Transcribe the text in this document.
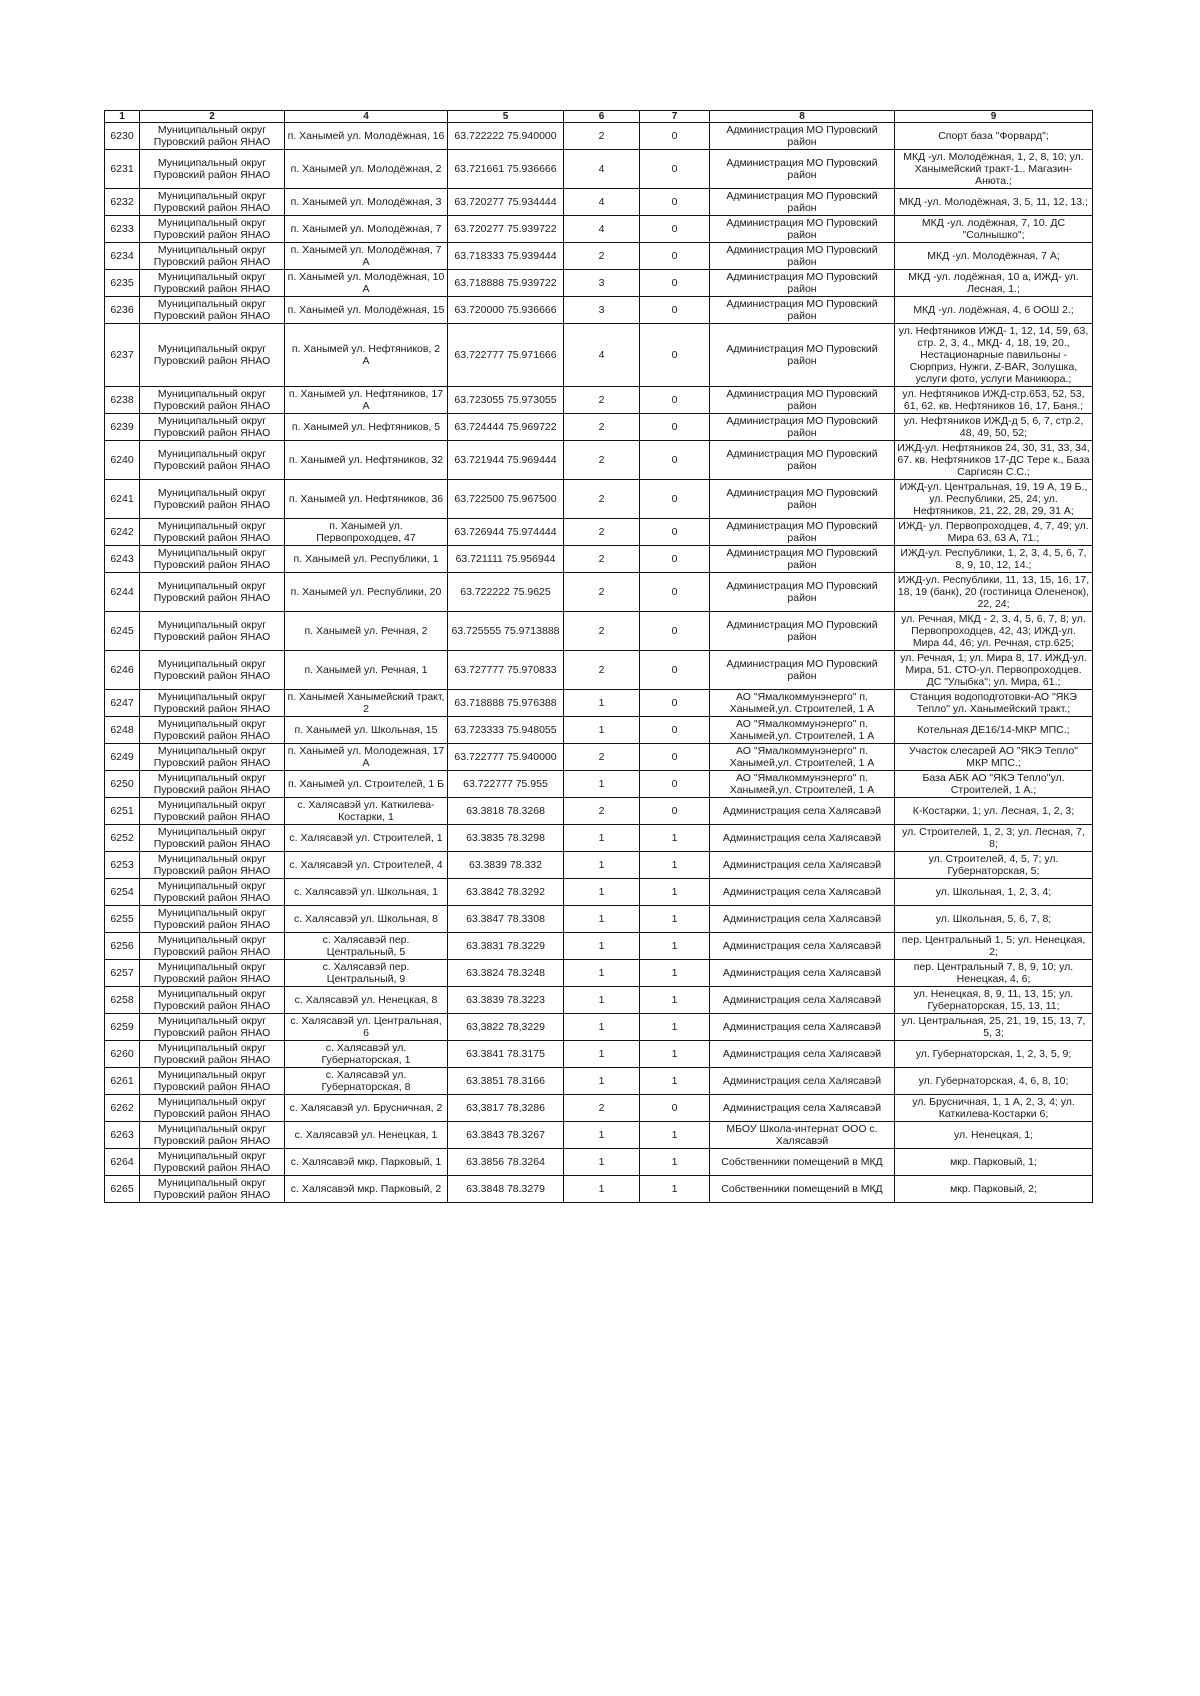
1	2	4	5	6	7	8	9
6230	Муниципальный округ Пуровский район ЯНАО	п. Ханымей ул. Молодёжная, 16	63.722222 75.940000	2	0	Администрация МО Пуровский район	Спорт база "Форвард";
6231	Муниципальный округ Пуровский район ЯНАО	п. Ханымей ул. Молодёжная, 2	63.721661 75.936666	4	0	Администрация МО Пуровский район	МКД -ул. Молодёжная, 1, 2, 8, 10; ул. Ханымейский тракт-1.. Магазин-Анюта.;
6232	Муниципальный округ Пуровский район ЯНАО	п. Ханымей ул. Молодёжная, 3	63.720277 75.934444	4	0	Администрация МО Пуровский район	МКД -ул. Молодёжная, 3, 5, 11, 12, 13.;
6233	Муниципальный округ Пуровский район ЯНАО	п. Ханымей ул. Молодёжная, 7	63.720277 75.939722	4	0	Администрация МО Пуровский район	МКД -ул. лодёжная, 7, 10. ДС "Солнышко";
6234	Муниципальный округ Пуровский район ЯНАО	п. Ханымей ул. Молодёжная, 7 А	63.718333 75.939444	2	0	Администрация МО Пуровский район	МКД -ул. Молодёжная, 7 А;
6235	Муниципальный округ Пуровский район ЯНАО	п. Ханымей ул. Молодёжная, 10 А	63.718888 75.939722	3	0	Администрация МО Пуровский район	МКД -ул. лодёжная, 10 а, ИЖД- ул. Лесная, 1.;
6236	Муниципальный округ Пуровский район ЯНАО	п. Ханымей ул. Молодёжная, 15	63.720000 75.936666	3	0	Администрация МО Пуровский район	МКД -ул. лодёжная, 4, 6 ООШ 2.;
6237	Муниципальный округ Пуровский район ЯНАО	п. Ханымей ул. Нефтяников, 2 А	63.722777 75.971666	4	0	Администрация МО Пуровский район	ул. Нефтяников ИЖД- 1, 12, 14, 59, 63, стр. 2, 3, 4., МКД- 4, 18, 19, 20., Нестационарные павильоны - Сюрприз, Нужги, Z-BAR, Золушка, услуги фото, услуги Маникюра.;
6238	Муниципальный округ Пуровский район ЯНАО	п. Ханымей ул. Нефтяников, 17 А	63.723055 75.973055	2	0	Администрация МО Пуровский район	ул. Нефтяников ИЖД-стр.653, 52, 53, 61, 62. кв. Нефтяников 16, 17, Баня.;
6239	Муниципальный округ Пуровский район ЯНАО	п. Ханымей ул. Нефтяников, 5	63.724444 75.969722	2	0	Администрация МО Пуровский район	ул. Нефтяников ИЖД-д 5, 6, 7, стр.2, 48, 49, 50, 52;
6240	Муниципальный округ Пуровский район ЯНАО	п. Ханымей ул. Нефтяников, 32	63.721944 75.969444	2	0	Администрация МО Пуровский район	ИЖД-ул. Нефтяников 24, 30, 31, 33, 34, 67. кв. Нефтяников 17-ДС Тере к., База Саргисян С.С.;
6241	Муниципальный округ Пуровский район ЯНАО	п. Ханымей ул. Нефтяников, 36	63.722500 75.967500	2	0	Администрация МО Пуровский район	ИЖД-ул. Центральная, 19, 19 А, 19 Б., ул. Республики, 25, 24; ул. Нефтяников, 21, 22, 28, 29, 31 А;
6242	Муниципальный округ Пуровский район ЯНАО	п. Ханымей ул. Первопроходцев, 47	63.726944 75.974444	2	0	Администрация МО Пуровский район	ИЖД- ул. Первопроходцев, 4, 7, 49; ул. Мира 63, 63 А, 71.;
6243	Муниципальный округ Пуровский район ЯНАО	п. Ханымей ул. Республики, 1	63.721111 75.956944	2	0	Администрация МО Пуровский район	ИЖД-ул. Республики, 1, 2, 3, 4, 5, 6, 7, 8, 9, 10, 12, 14.;
6244	Муниципальный округ Пуровский район ЯНАО	п. Ханымей ул. Республики, 20	63.722222 75.9625	2	0	Администрация МО Пуровский район	ИЖД-ул. Республики, 11, 13, 15, 16, 17, 18, 19 (банк), 20 (гостиница Олененок), 22, 24;
6245	Муниципальный округ Пуровский район ЯНАО	п. Ханымей ул. Речная, 2	63.725555 75.9713888	2	0	Администрация МО Пуровский район	ул. Речная, МКД - 2, 3, 4, 5, 6, 7, 8; ул. Первопроходцев, 42, 43; ИЖД-ул. Мира 44, 46; ул. Речная, стр.625;
6246	Муниципальный округ Пуровский район ЯНАО	п. Ханымей ул. Речная, 1	63.727777 75.970833	2	0	Администрация МО Пуровский район	ул. Речная, 1; ул. Мира 8, 17. ИЖД-ул. Мира, 51. СТО-ул. Первопроходцев. ДС "Улыбка"; ул. Мира, 61.;
6247	Муниципальный округ Пуровский район ЯНАО	п. Ханымей Ханымейский тракт, 2	63.718888 75.976388	1	0	АО "Ямалкоммунэнерго" п. Ханымей,ул. Строителей, 1 А	Станция водоподготовки-АО "ЯКЭ Тепло" ул. Ханымейский тракт.;
6248	Муниципальный округ Пуровский район ЯНАО	п. Ханымей ул. Школьная, 15	63.723333 75.948055	1	0	АО "Ямалкоммунэнерго" п. Ханымей,ул. Строителей, 1 А	Котельная ДЕ16/14-МКР МПС.;
6249	Муниципальный округ Пуровский район ЯНАО	п. Ханымей ул. Молодежная, 17 А	63.722777 75.940000	2	0	АО "Ямалкоммунэнерго" п. Ханымей,ул. Строителей, 1 А	Участок слесарей АО "ЯКЭ Тепло" МКР МПС.;
6250	Муниципальный округ Пуровский район ЯНАО	п. Ханымей ул. Строителей, 1 Б	63.722777 75.955	1	0	АО "Ямалкоммунэнерго" п. Ханымей,ул. Строителей, 1 А	База АБК АО "ЯКЭ Тепло"ул. Строителей, 1 А.;
6251	Муниципальный округ Пуровский район ЯНАО	с. Халясавэй ул. Каткилева-Костарки, 1	63.3818 78.3268	2	0	Администрация села Халясавэй	К-Костарки, 1; ул. Лесная, 1, 2, 3;
6252	Муниципальный округ Пуровский район ЯНАО	с. Халясавэй ул. Строителей, 1	63.3835 78.3298	1	1	Администрация села Халясавэй	ул. Строителей, 1, 2, 3; ул. Лесная, 7, 8;
6253	Муниципальный округ Пуровский район ЯНАО	с. Халясавэй ул. Строителей, 4	63.3839 78.332	1	1	Администрация села Халясавэй	ул. Строителей, 4, 5, 7; ул. Губернаторская, 5;
6254	Муниципальный округ Пуровский район ЯНАО	с. Халясавэй ул. Школьная, 1	63.3842 78.3292	1	1	Администрация села Халясавэй	ул. Школьная, 1, 2, 3, 4;
6255	Муниципальный округ Пуровский район ЯНАО	с. Халясавэй ул. Школьная, 8	63.3847 78.3308	1	1	Администрация села Халясавэй	ул. Школьная, 5, 6, 7, 8;
6256	Муниципальный округ Пуровский район ЯНАО	с. Халясавэй пер. Центральный, 5	63.3831 78.3229	1	1	Администрация села Халясавэй	пер. Центральный 1, 5; ул. Ненецкая, 2;
6257	Муниципальный округ Пуровский район ЯНАО	с. Халясавэй пер. Центральный, 9	63.3824 78.3248	1	1	Администрация села Халясавэй	пер. Центральный 7, 8, 9, 10; ул. Ненецкая, 4, 6;
6258	Муниципальный округ Пуровский район ЯНАО	с. Халясавэй ул. Ненецкая, 8	63.3839 78.3223	1	1	Администрация села Халясавэй	ул. Ненецкая, 8, 9, 11, 13, 15; ул. Губернаторская, 15, 13, 11;
6259	Муниципальный округ Пуровский район ЯНАО	с. Халясавэй ул. Центральная, 6	63,3822 78,3229	1	1	Администрация села Халясавэй	ул. Центральная, 25, 21, 19, 15, 13, 7, 5, 3;
6260	Муниципальный округ Пуровский район ЯНАО	с. Халясавэй ул. Губернаторская, 1	63.3841 78.3175	1	1	Администрация села Халясавэй	ул. Губернаторская, 1, 2, 3, 5, 9;
6261	Муниципальный округ Пуровский район ЯНАО	с. Халясавэй ул. Губернаторская, 8	63.3851 78.3166	1	1	Администрация села Халясавэй	ул. Губернаторская, 4, 6, 8, 10;
6262	Муниципальный округ Пуровский район ЯНАО	с. Халясавэй ул. Брусничная, 2	63,3817 78,3286	2	0	Администрация села Халясавэй	ул. Брусничная, 1, 1 А, 2, 3, 4; ул. Каткилева-Костарки 6;
6263	Муниципальный округ Пуровский район ЯНАО	с. Халясавэй ул. Ненецкая, 1	63.3843 78.3267	1	1	МБОУ Школа-интернат ООО с. Халясавэй	ул. Ненецкая, 1;
6264	Муниципальный округ Пуровский район ЯНАО	с. Халясавэй мкр. Парковый, 1	63.3856 78.3264	1	1	Собственники помещений в МКД	мкр. Парковый, 1;
6265	Муниципальный округ Пуровский район ЯНАО	с. Халясавэй мкр. Парковый, 2	63.3848 78.3279	1	1	Собственники помещений в МКД	мкр. Парковый, 2;
